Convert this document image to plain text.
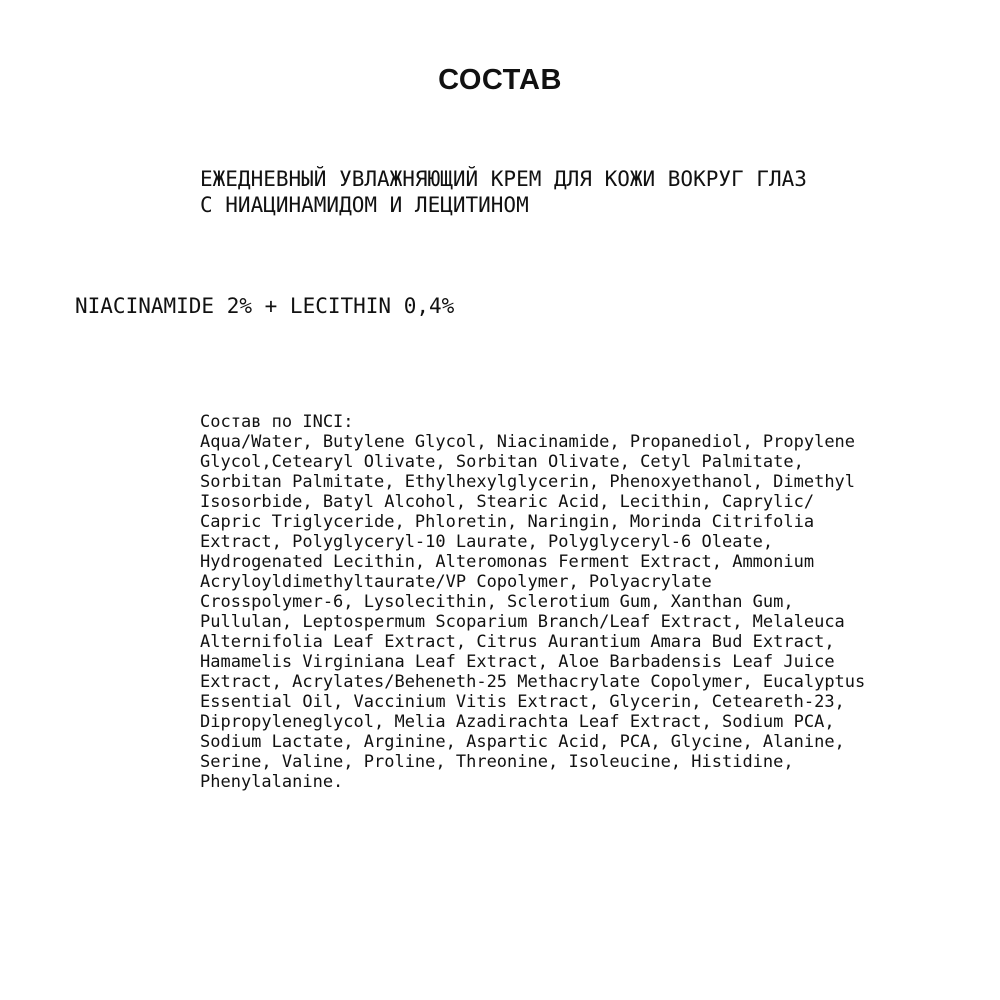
СОСТАВ
ЕЖЕДНЕВНЫЙ УВЛАЖНЯЮЩИЙ КРЕМ ДЛЯ КОЖИ ВОКРУГ ГЛАЗ
С НИАЦИНАМИДОМ И ЛЕЦИТИНОМ
NIACINAMIDE 2% + LECITHIN 0,4%
Состав по INCI:
Aqua/Water, Butylene Glycol, Niacinamide, Propanediol, Propylene
Glycol,Cetearyl Olivate, Sorbitan Olivate, Cetyl Palmitate,
Sorbitan Palmitate, Ethylhexylglycerin, Phenoxyethanol, Dimethyl
Isosorbide, Batyl Alcohol, Stearic Acid, Lecithin, Caprylic/
Capric Triglyceride, Phloretin, Naringin, Morinda Citrifolia
Extract, Polyglyceryl-10 Laurate, Polyglyceryl-6 Oleate,
Hydrogenated Lecithin, Alteromonas Ferment Extract, Ammonium
Acryloyldimethyltaurate/VP Copolymer, Polyacrylate
Crosspolymer-6, Lysolecithin, Sclerotium Gum, Xanthan Gum,
Pullulan, Leptospermum Scoparium Branch/Leaf Extract, Melaleuca
Alternifolia Leaf Extract, Citrus Aurantium Amara Bud Extract,
Hamamelis Virginiana Leaf Extract, Aloe Barbadensis Leaf Juice
Extract, Acrylates/Beheneth-25 Methacrylate Copolymer, Eucalyptus
Essential Oil, Vaccinium Vitis Extract, Glycerin, Ceteareth-23,
Dipropyleneglycol, Melia Azadirachta Leaf Extract, Sodium PCA,
Sodium Lactate, Arginine, Aspartic Acid, PCA, Glycine, Alanine,
Serine, Valine, Proline, Threonine, Isoleucine, Histidine,
Phenylalanine.
